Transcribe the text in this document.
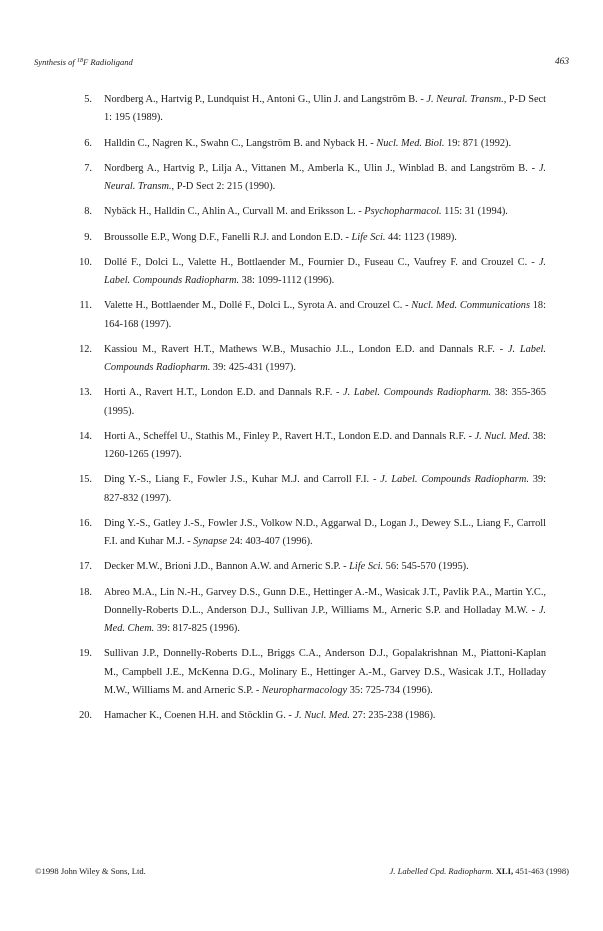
Synthesis of $^{18}$F Radioligand	463
5. Nordberg A., Hartvig P., Lundquist H., Antoni G., Ulin J. and Langström B. - J. Neural. Transm., P-D Sect 1: 195 (1989).
6. Halldin C., Nagren K., Swahn C., Langström B. and Nyback H. - Nucl. Med. Biol. 19: 871 (1992).
7. Nordberg A., Hartvig P., Lilja A., Vittanen M., Amberla K., Ulin J., Winblad B. and Langström B. - J. Neural. Transm., P-D Sect 2: 215 (1990).
8. Nybäck H., Halldin C., Ahlin A., Curvall M. and Eriksson L. - Psychopharmacol. 115: 31 (1994).
9. Broussolle E.P., Wong D.F., Fanelli R.J. and London E.D. - Life Sci. 44: 1123 (1989).
10. Dollé F., Dolci L., Valette H., Bottlaender M., Fournier D., Fuseau C., Vaufrey F. and Crouzel C. - J. Label. Compounds Radiopharm. 38: 1099-1112 (1996).
11. Valette H., Bottlaender M., Dollé F., Dolci L., Syrota A. and Crouzel C. - Nucl. Med. Communications 18: 164-168 (1997).
12. Kassiou M., Ravert H.T., Mathews W.B., Musachio J.L., London E.D. and Dannals R.F. - J. Label. Compounds Radiopharm. 39: 425-431 (1997).
13. Horti A., Ravert H.T., London E.D. and Dannals R.F. - J. Label. Compounds Radiopharm. 38: 355-365 (1995).
14. Horti A., Scheffel U., Stathis M., Finley P., Ravert H.T., London E.D. and Dannals R.F. - J. Nucl. Med. 38: 1260-1265 (1997).
15. Ding Y.-S., Liang F., Fowler J.S., Kuhar M.J. and Carroll F.I. - J. Label. Compounds Radiopharm. 39: 827-832 (1997).
16. Ding Y.-S., Gatley J.-S., Fowler J.S., Volkow N.D., Aggarwal D., Logan J., Dewey S.L., Liang F., Carroll F.I. and Kuhar M.J. - Synapse 24: 403-407 (1996).
17. Decker M.W., Brioni J.D., Bannon A.W. and Arneric S.P. - Life Sci. 56: 545-570 (1995).
18. Abreo M.A., Lin N.-H., Garvey D.S., Gunn D.E., Hettinger A.-M., Wasicak J.T., Pavlik P.A., Martin Y.C., Donnelly-Roberts D.L., Anderson D.J., Sullivan J.P., Williams M., Arneric S.P. and Holladay M.W. - J. Med. Chem. 39: 817-825 (1996).
19. Sullivan J.P., Donnelly-Roberts D.L., Briggs C.A., Anderson D.J., Gopalakrishnan M., Piattoni-Kaplan M., Campbell J.E., McKenna D.G., Molinary E., Hettinger A.-M., Garvey D.S., Wasicak J.T., Holladay M.W., Williams M. and Arneric S.P. - Neuropharmacology 35: 725-734 (1996).
20. Hamacher K., Coenen H.H. and Stöcklin G. - J. Nucl. Med. 27: 235-238 (1986).
©1998 John Wiley & Sons, Ltd.	J. Labelled Cpd. Radiopharm. XLI, 451-463 (1998)
